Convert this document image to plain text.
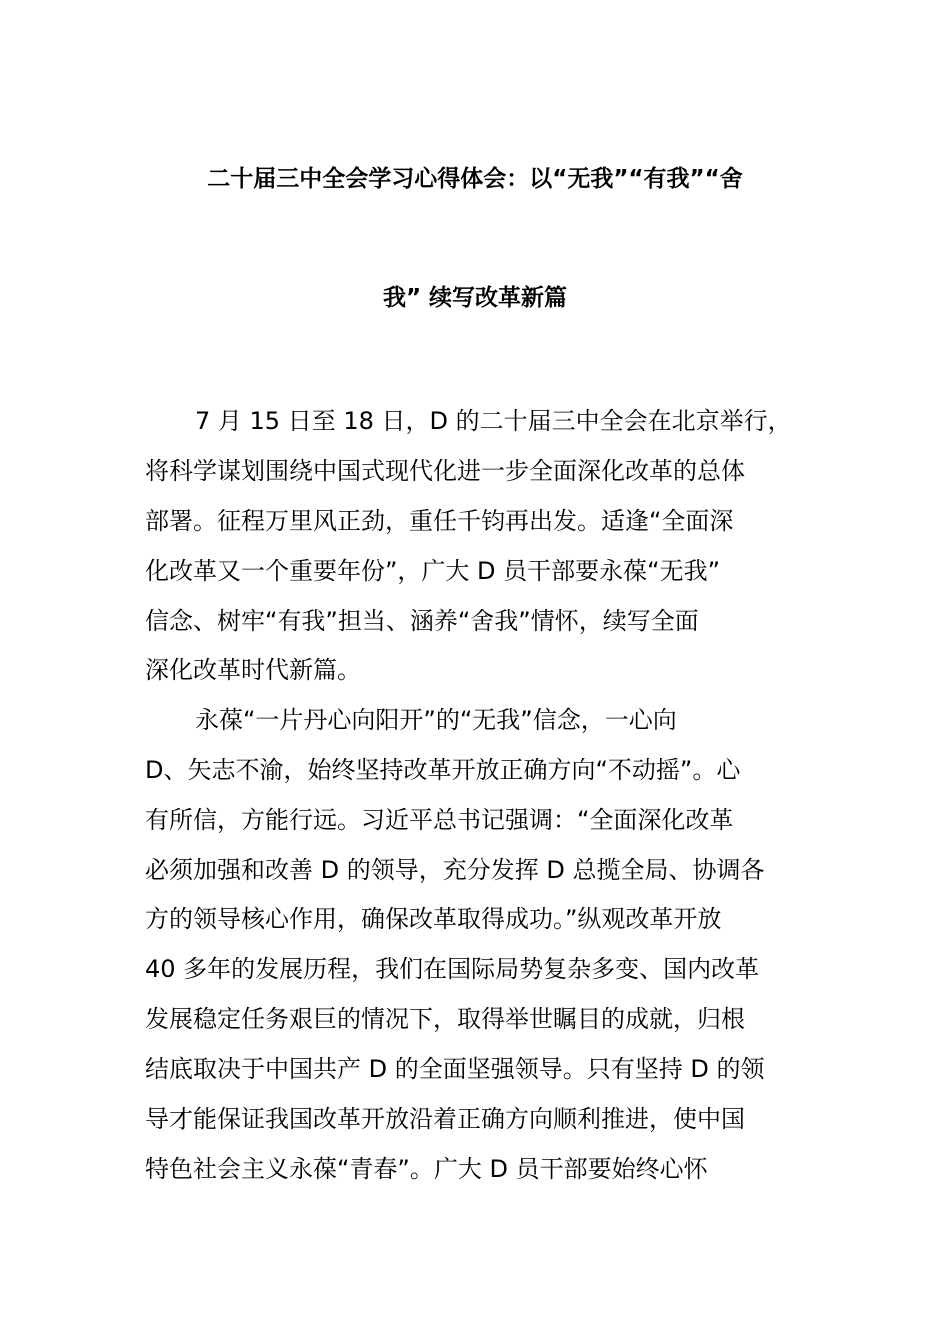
二十届三中全会学习心得体会：以“无我”“有我”“舍
我” 续写改革新篇
7 月 15 日至 18 日，D 的二十届三中全会在北京举行，
将科学谋划围绕中国式现代化进一步全面深化改革的总体
部署。征程万里风正劲，重任千钧再出发。适逢“全面深
化改革又一个重要年份”，广大 D 员干部要永葆“无我”
信念、树牢“有我”担当、涵养“舍我”情怀，续写全面
深化改革时代新篇。
永葆“一片丹心向阳开”的“无我”信念，一心向
D、矢志不渝，始终坚持改革开放正确方向“不动摇”。心
有所信，方能行远。习近平总书记强调：“全面深化改革
必须加强和改善 D 的领导，充分发挥 D 总揽全局、协调各
方的领导核心作用，确保改革取得成功。”纵观改革开放
40 多年的发展历程，我们在国际局势复杂多变、国内改革
发展稳定任务艰巨的情况下，取得举世瞩目的成就，归根
结底取决于中国共产 D 的全面坚强领导。只有坚持 D 的领
导才能保证我国改革开放沿着正确方向顺利推进，使中国
特色社会主义永葆“青春”。广大 D 员干部要始终心怀
